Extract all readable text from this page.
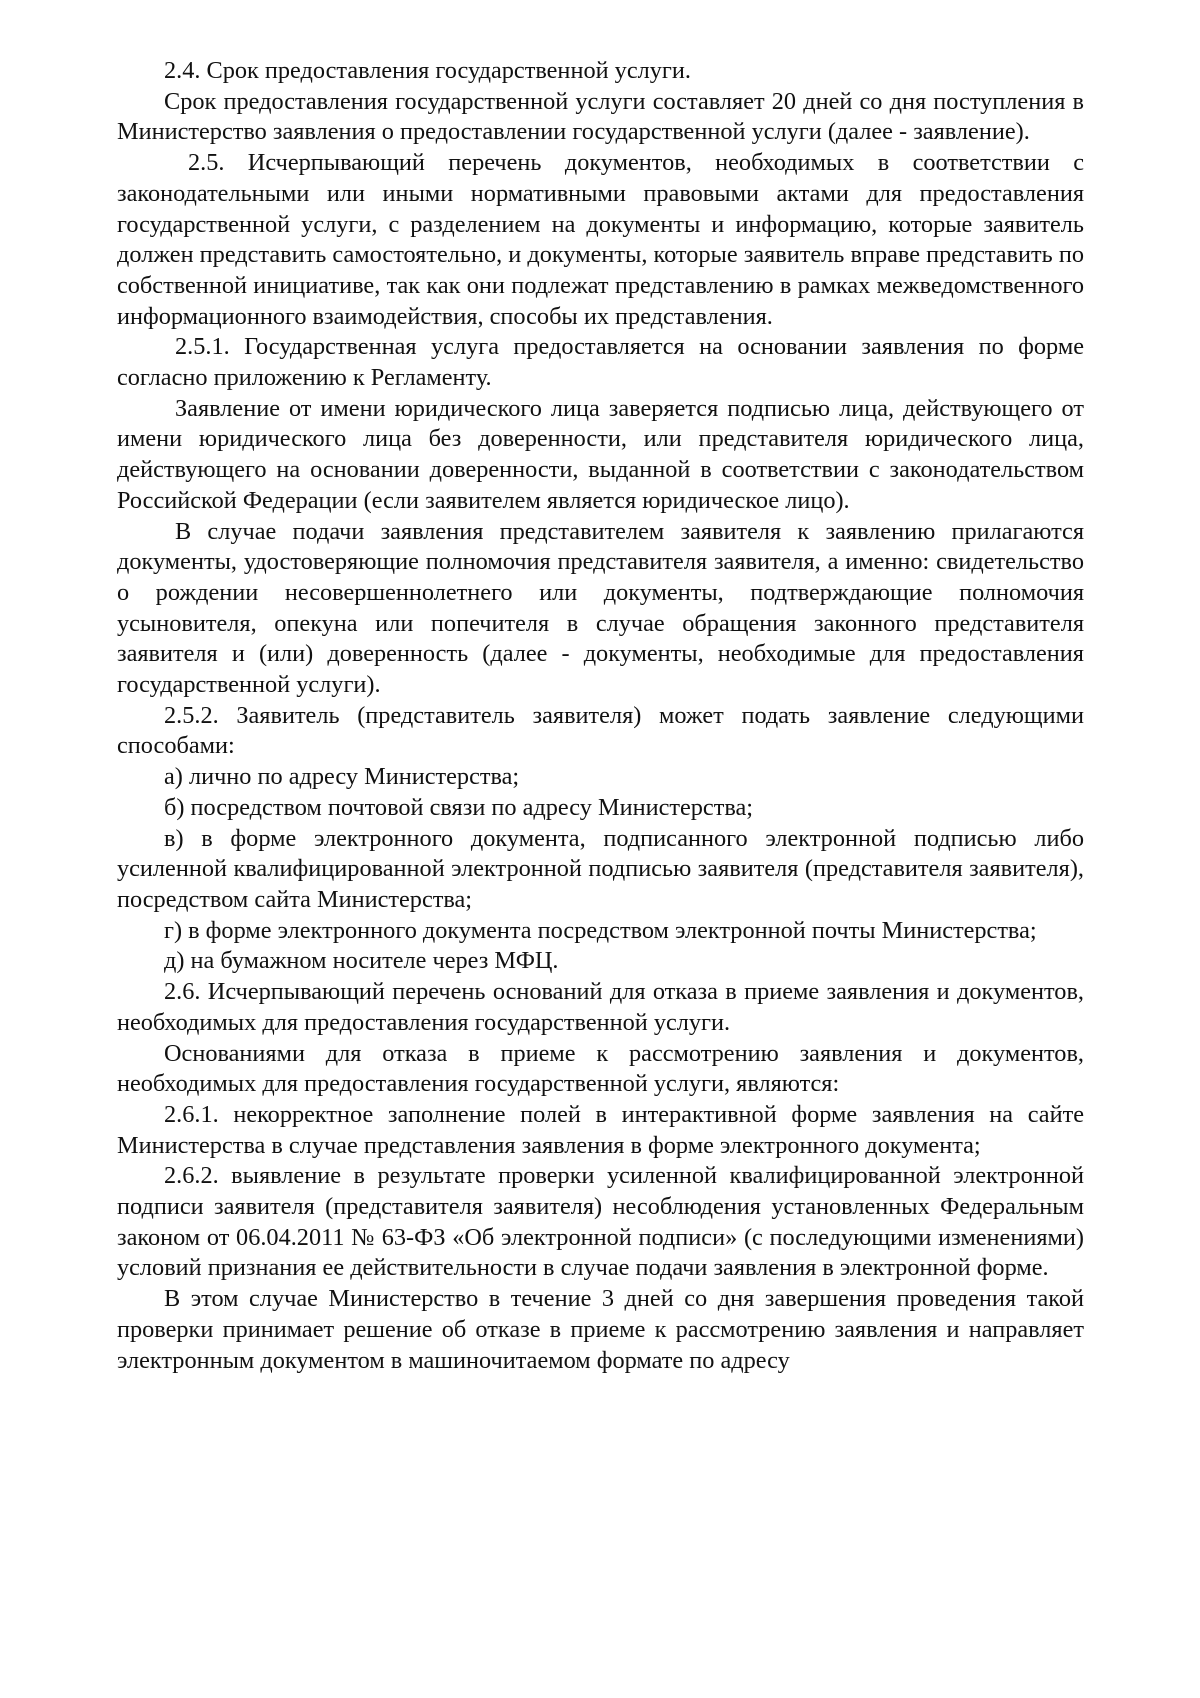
2.4. Срок предоставления государственной услуги.

Срок предоставления государственной услуги составляет 20 дней со дня поступления в Министерство заявления о предоставлении государственной услуги (далее - заявление).

2.5. Исчерпывающий перечень документов, необходимых в соответствии с законодательными или иными нормативными правовыми актами для предоставления государственной услуги, с разделением на документы и информацию, которые заявитель должен представить самостоятельно, и документы, которые заявитель вправе представить по собственной инициативе, так как они подлежат представлению в рамках межведомственного информационного взаимодействия, способы их представления.

2.5.1. Государственная услуга предоставляется на основании заявления по форме согласно приложению к Регламенту.

Заявление от имени юридического лица заверяется подписью лица, действующего от имени юридического лица без доверенности, или представителя юридического лица, действующего на основании доверенности, выданной в соответствии с законодательством Российской Федерации (если заявителем является юридическое лицо).

В случае подачи заявления представителем заявителя к заявлению прилагаются документы, удостоверяющие полномочия представителя заявителя, а именно: свидетельство о рождении несовершеннолетнего или документы, подтверждающие полномочия усыновителя, опекуна или попечителя в случае обращения законного представителя заявителя и (или) доверенность (далее - документы, необходимые для предоставления государственной услуги).

2.5.2. Заявитель (представитель заявителя) может подать заявление следующими способами:

а) лично по адресу Министерства;

б) посредством почтовой связи по адресу Министерства;

в) в форме электронного документа, подписанного электронной подписью либо усиленной квалифицированной электронной подписью заявителя (представителя заявителя), посредством сайта Министерства;

г) в форме электронного документа посредством электронной почты Министерства;

д) на бумажном носителе через МФЦ.

2.6. Исчерпывающий перечень оснований для отказа в приеме заявления и документов, необходимых для предоставления государственной услуги.

Основаниями для отказа в приеме к рассмотрению заявления и документов, необходимых для предоставления государственной услуги, являются:

2.6.1. некорректное заполнение полей в интерактивной форме заявления на сайте Министерства в случае представления заявления в форме электронного документа;

2.6.2. выявление в результате проверки усиленной квалифицированной электронной подписи заявителя (представителя заявителя) несоблюдения установленных Федеральным законом от 06.04.2011 № 63-ФЗ «Об электронной подписи» (с последующими изменениями) условий признания ее действительности в случае подачи заявления в электронной форме.

В этом случае Министерство в течение 3 дней со дня завершения проведения такой проверки принимает решение об отказе в приеме к рассмотрению заявления и направляет электронным документом в машиночитаемом формате по адресу
